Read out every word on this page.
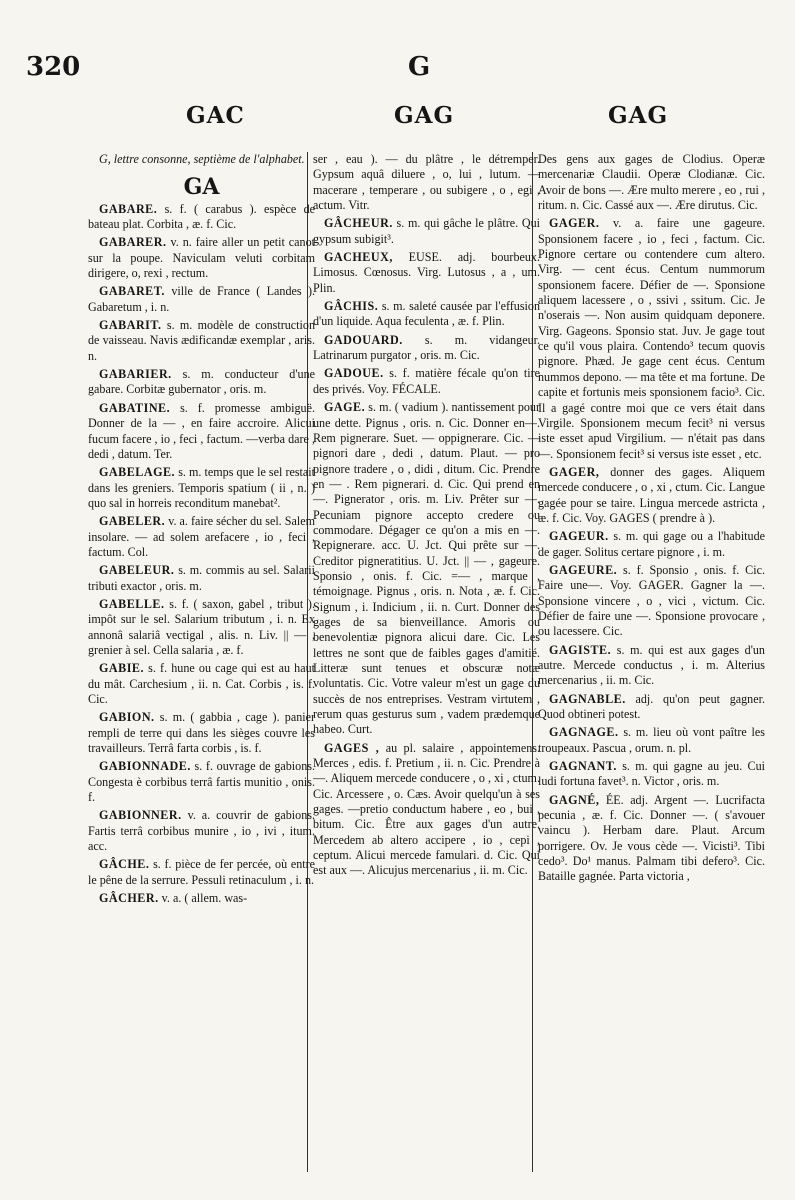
320	G
GAC	GAG	GAG

G, lettre consonne, septième de l'alphabet.

GA

GABARE. s. f. ( carabus ). espèce de bateau plat. Corbita , æ. f. Cic.

GABARER. v. n. faire aller un petit canot sur la poupe. Naviculam veluti corbitam dirigere, o, rexi , rectum.

GABARET. ville de France ( Landes ). Gabaretum , i. n.

GABARIT. s. m. modèle de construction de vaisseau. Navis ædificandæ exemplar , aris. n.

GABARIER. s. m. conducteur d'une gabare. Corbitæ gubernator , oris. m.

GABATINE. s. f. promesse ambiguë. Donner de la — , en faire accroire. Alicui fucum facere , io , feci , factum. —verba dare , dedi , datum. Ter.

GABELAGE. s. m. temps que le sel restait dans les greniers. Temporis spatium ( ii , n. ) quo sal in horreis reconditum manebat².

GABELER. v. a. faire sécher du sel. Salem insolare. — ad solem arefacere , io , feci , factum. Col.

GABELEUR. s. m. commis au sel. Salarii tributi exactor , oris. m.

GABELLE. s. f. ( saxon, gabel , tribut ). impôt sur le sel. Salarium tributum , i. n. Ex annonâ salariâ vectigal , alis. n. Liv. || — , grenier à sel. Cella salaria , æ. f.

GABIE. s. f. hune ou cage qui est au haut du mât. Carchesium , ii. n. Cat. Corbis , is. f. Cic.

GABION. s. m. ( gabbia , cage ). panier rempli de terre qui dans les sièges couvre les travailleurs. Terrâ farta corbis , is. f.

GABIONNADE. s. f. ouvrage de gabions. Congesta è corbibus terrâ fartis munitio , onis. f.

GABIONNER. v. a. couvrir de gabions. Fartis terrâ corbibus munire , io , ivi , itum. acc.

GÂCHE. s. f. pièce de fer percée, où entre le pêne de la serrure. Pessuli retinaculum , i. n.

GÂCHER. v. a. ( allem. was-

ser , eau ). — du plâtre , le détremper. Gypsum aquâ diluere , o, lui , lutum. — macerare , temperare , ou subigere , o , egi , actum. Vitr.

GÂCHEUR. s. m. qui gâche le plâtre. Qui gypsum subigit³.

GACHEUX, EUSE. adj. bourbeux. Limosus. Cœnosus. Virg. Lutosus , a , um. Plin.

GÂCHIS. s. m. saleté causée par l'effusion d'un liquide. Aqua feculenta , æ. f. Plin.

GADOUARD. s. m. vidangeur. Latrinarum purgator , oris. m. Cic.

GADOUE. s. f. matière fécale qu'on tire des privés. Voy. FÉCALE.

GAGE. s. m. ( vadium ). nantissement pour une dette. Pignus , oris. n. Cic. Donner en—. Rem pignerare. Suet. — oppignerare. Cic. — pignori dare , dedi , datum. Plaut. — pro pignore tradere , o , didi , ditum. Cic. Prendre en — . Rem pignerari. d. Cic. Qui prend en —. Pignerator , oris. m. Liv. Prêter sur —. Pecuniam pignore accepto credere ou commodare. Dégager ce qu'on a mis en —. Repignerare. acc. U. Jct. Qui prête sur —. Creditor pigneratitius. U. Jct. || — , gageure. Sponsio , onis. f. Cic. =— , marque , témoignage. Pignus , oris. n. Nota , æ. f. Cic. Signum , i. Indicium , ii. n. Curt. Donner des gages de sa bienveillance. Amoris ou benevolentiæ pignora alicui dare. Cic. Les lettres ne sont que de faibles gages d'amitié. Litteræ sunt tenues et obscuræ notæ voluntatis. Cic. Votre valeur m'est un gage du succès de nos entreprises. Vestram virtutem , rerum quas gesturus sum , vadem prædemque habeo. Curt.

GAGES , au pl. salaire , appointemens. Merces , edis. f. Pretium , ii. n. Cic. Prendre à —. Aliquem mercede conducere , o , xi , ctum. Cic. Arcessere , o. Cæs. Avoir quelqu'un à ses gages. —pretio conductum habere , eo , bui , bitum. Cic. Être aux gages d'un autre. Mercedem ab altero accipere , io , cepi , ceptum. Alicui mercede famulari. d. Cic. Qui est aux —. Alicujus mercenarius , ii. m. Cic.

Des gens aux gages de Clodius. Operæ mercenariæ Claudii. Operæ Clodianæ. Cic. Avoir de bons —. Ære multo merere , eo , rui , ritum. n. Cic. Cassé aux —. Ære dirutus. Cic.

GAGER. v. a. faire une gageure. Sponsionem facere , io , feci , factum. Cic. Pignore certare ou contendere cum altero. Virg. — cent écus. Centum nummorum sponsionem facere. Défier de —. Sponsione aliquem lacessere , o , ssivi , ssitum. Cic. Je n'oserais —. Non ausim quidquam deponere. Virg. Gageons. Sponsio stat. Juv. Je gage tout ce qu'il vous plaira. Contendo³ tecum quovis pignore. Phæd. Je gage cent écus. Centum nummos depono. — ma tête et ma fortune. De capite et fortunis meis sponsionem facio³. Cic. Il a gagé contre moi que ce vers était dans Virgile. Sponsionem mecum fecit³ ni versus iste esset apud Virgilium. — n'était pas dans —. Sponsionem fecit³ si versus iste esset , etc.

GAGER, donner des gages. Aliquem mercede conducere , o , xi , ctum. Cic. Langue gagée pour se taire. Lingua mercede astricta , æ. f. Cic. Voy. GAGES ( prendre à ).

GAGEUR. s. m. qui gage ou a l'habitude de gager. Solitus certare pignore , i. m.

GAGEURE. s. f. Sponsio , onis. f. Cic. Faire une—. Voy. GAGER. Gagner la —. Sponsione vincere , o , vici , victum. Cic. Défier de faire une —. Sponsione provocare , ou lacessere. Cic.

GAGISTE. s. m. qui est aux gages d'un autre. Mercede conductus , i. m. Alterius mercenarius , ii. m. Cic.

GAGNABLE. adj. qu'on peut gagner. Quod obtineri potest.

GAGNAGE. s. m. lieu où vont paître les troupeaux. Pascua , orum. n. pl.

GAGNANT. s. m. qui gagne au jeu. Cui ludi fortuna favet³. n. Victor , oris. m.

GAGNÉ, ÉE. adj. Argent —. Lucrifacta pecunia , æ. f. Cic. Donner —. ( s'avouer vaincu ). Herbam dare. Plaut. Arcum porrigere. Ov. Je vous cède —. Vicisti³. Tibi cedo³. Do¹ manus. Palmam tibi defero³. Cic. Bataille gagnée. Parta victoria ,
